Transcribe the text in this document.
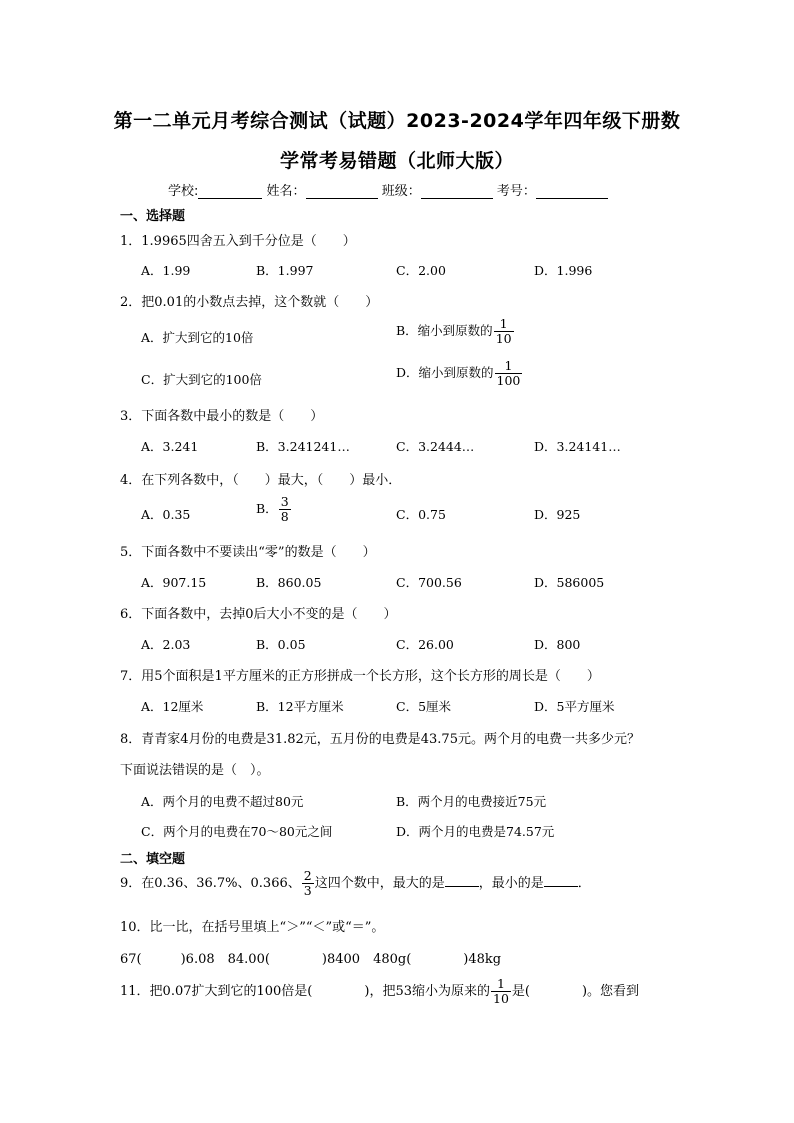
第一二单元月考综合测试（试题）2023-2024学年四年级下册数
学常考易错题（北师大版）
学校:	姓名：	班级：	考号：
一、选择题
1．1.9965四舍五入到千分位是（　　）
A．1.99	B．1.997	C．2.00	D．1.996
2．把0.01的小数点去掉，这个数就（　　）
A．扩大到它的10倍	B．缩小到原数的 $\frac{1}{10}$
C．扩大到它的100倍	D．缩小到原数的 $\frac{1}{100}$
3．下面各数中最小的数是（　　）
A．3.241	B．3.241241…	C．3.2444…	D．3.24141…
4．在下列各数中，（　　）最大，（　　）最小．
A．0.35	B． $\frac{3}{8}$	C．0.75	D．925
5．下面各数中不要读出“零”的数是（　　）
A．907.15	B．860.05	C．700.56	D．586005
6．下面各数中，去掉0后大小不变的是（　　）
A．2.03	B．0.05	C．26.00	D．800
7．用5个面积是1平方厘米的正方形拼成一个长方形，这个长方形的周长是（　　）
A．12厘米	B．12平方厘米	C．5厘米	D．5平方厘米
8．青青家4月份的电费是31.82元，五月份的电费是43.75元。两个月的电费一共多少元？
下面说法错误的是（　）。
A．两个月的电费不超过80元	B．两个月的电费接近75元
C．两个月的电费在70～80元之间	D．两个月的电费是74.57元
二、填空题
9．在0.36、36.7%、0.366、 $\frac{2}{3}$ 这四个数中，最大的是	，最小的是	．
10．比一比，在括号里填上“＞”“＜”或“＝”。
67(　　　)6.08　84.00(　　　　)8400　480g(　　　　)48kg
11．把0.07扩大到它的100倍是(　　　　)，把53缩小为原来的 $\frac{1}{10}$ 是(　　　　)。您看到
